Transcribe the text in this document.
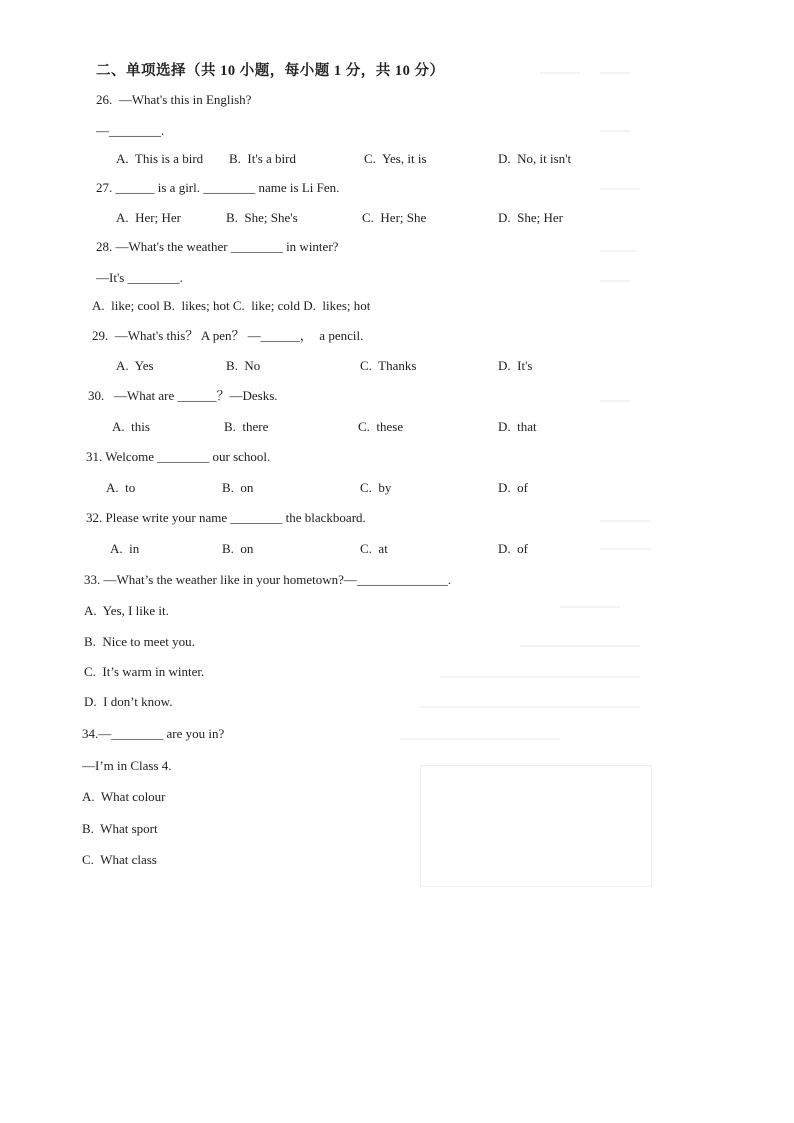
二、单项选择（共 10 小题，每小题 1 分，共 10 分）
26.  —What's this in English?
—________.
A.  This is a bird B.  It's a bird	C.  Yes, it is	D.  No, it isn't
27. ______ is a girl. ________ name is Li Fen.
A.  Her; Her	B.  She; She's	C.  Her; She	D.  She; Her
28. —What's the weather ________ in winter?
—It's ________.
A.  like; cool B.  likes; hot C.  like; cold D.  likes; hot
29.  —What's this？ A pen？ —______，  a pencil.
A.  Yes	B.  No	C.  Thanks	D.  It's
30.   —What are ______？—Desks.
A.  this	B.  there	C.  these	D.  that
31. Welcome ________ our school.
A.  to	B.  on	C.  by	D.  of
32. Please write your name ________ the blackboard.
A.  in	B.  on	C.  at	D.  of
33. —What’s the weather like in your hometown?—______________.
A.  Yes, I like it.
B.  Nice to meet you.
C.  It’s warm in winter.
D.  I don’t know.
34.—________ are you in?
—I’m in Class 4.
A.  What colour
B.  What sport
C.  What class
